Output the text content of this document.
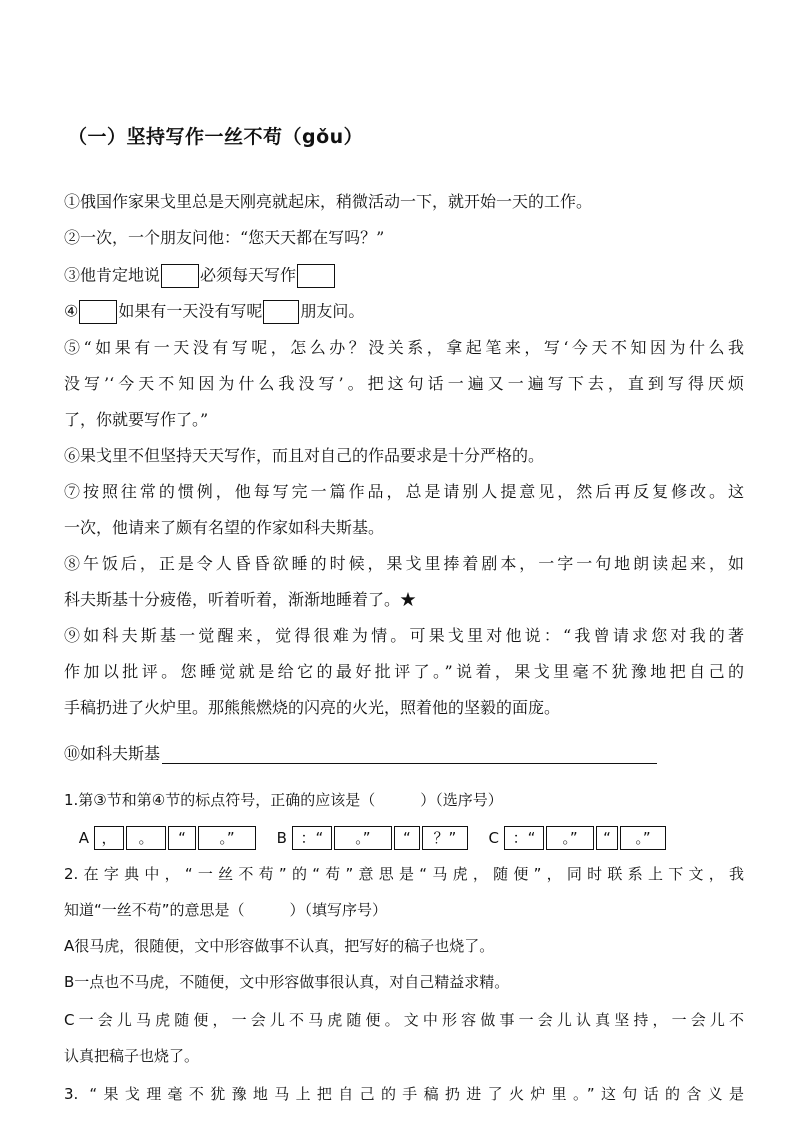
（一）坚持写作一丝不苟（gǒu）
①俄国作家果戈里总是天刚亮就起床，稍微活动一下，就开始一天的工作。
②一次，一个朋友问他：“您天天都在写吗？”
③他肯定地说	必须每天写作
④	如果有一天没有写呢 朋友问。
⑤“如果有一天没有写呢，怎么办？没关系，拿起笔来，写‘今天不知因为什么我
没写’‘今天不知因为什么我没写’。把这句话一遍又一遍写下去，直到写得厌烦
了，你就要写作了。”
⑥果戈里不但坚持天天写作，而且对自己的作品要求是十分严格的。
⑦按照往常的惯例，他每写完一篇作品，总是请别人提意见，然后再反复修改。这
一次，他请来了颇有名望的作家如科夫斯基。
⑧午饭后，正是令人昏昏欲睡的时候，果戈里捧着剧本，一字一句地朗读起来，如
科夫斯基十分疲倦，听着听着，渐渐地睡着了。★
⑨如科夫斯基一觉醒来，觉得很难为情。可果戈里对他说：“我曾请求您对我的著
作加以批评。您睡觉就是给它的最好批评了。”说着，果戈里毫不犹豫地把自己的
手稿扔进了火炉里。那熊熊燃烧的闪亮的火光，照着他的坚毅的面庞。
⑩如科夫斯基
1.第③节和第④节的标点符号，正确的应该是（　　　）（选序号）
A ， 。 “ 。”	B ：“ 。” “ ？” C ：“ 。” “ 。”
2.在字典中，“一丝不苟”的“苟”意思是“马虎，随便”，同时联系上下文，我
知道“一丝不苟”的意思是（　　　）（填写序号）
A很马虎，很随便，文中形容做事不认真，把写好的稿子也烧了。
B一点也不马虎，不随便，文中形容做事很认真，对自己精益求精。
C一会儿马虎随便，一会儿不马虎随便。文中形容做事一会儿认真坚持，一会儿不
认真把稿子也烧了。
3. “果戈理毫不犹豫地马上把自己的手稿扔进了火炉里。”这句话的含义是
